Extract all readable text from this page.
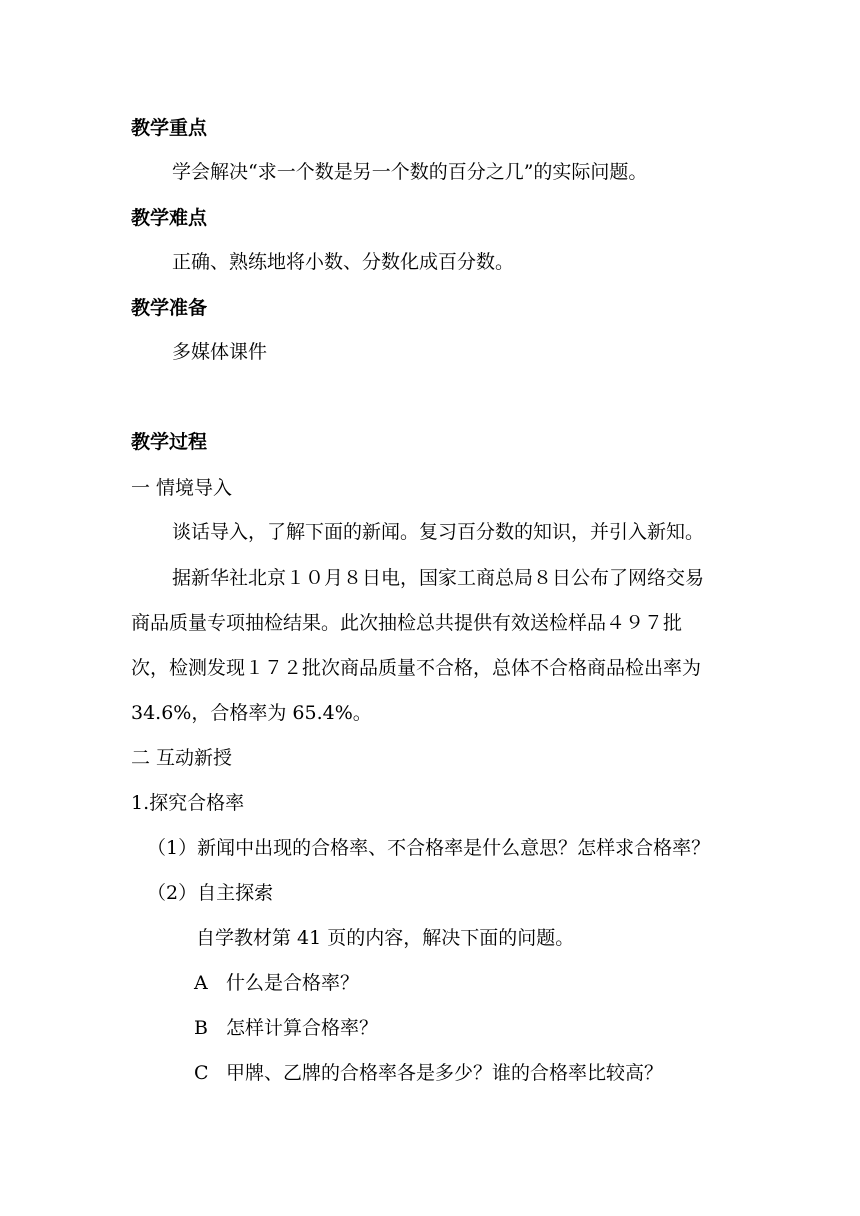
教学重点
学会解决“求一个数是另一个数的百分之几”的实际问题。
教学难点
正确、熟练地将小数、分数化成百分数。
教学准备
多媒体课件
教学过程
一 情境导入
谈话导入，了解下面的新闻。复习百分数的知识，并引入新知。
据新华社北京１０月８日电，国家工商总局８日公布了网络交易
商品质量专项抽检结果。此次抽检总共提供有效送检样品４９７批
次，检测发现１７２批次商品质量不合格，总体不合格商品检出率为
34.6%，合格率为 65.4%。
二 互动新授
1.探究合格率
（1）新闻中出现的合格率、不合格率是什么意思？怎样求合格率？
（2）自主探索
自学教材第 41 页的内容，解决下面的问题。
A 什么是合格率？
B 怎样计算合格率？
C 甲牌、乙牌的合格率各是多少？谁的合格率比较高？
